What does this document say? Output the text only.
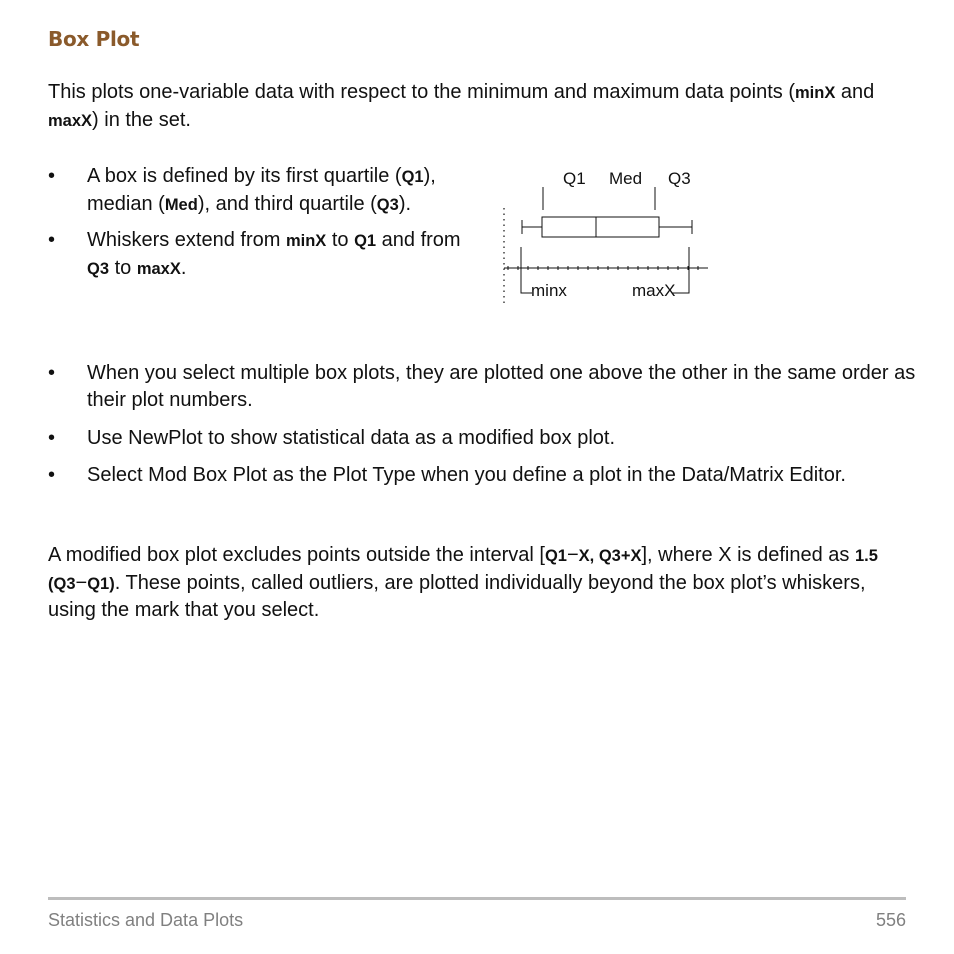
Box Plot
This plots one-variable data with respect to the minimum and maximum data points (minX and maxX) in the set.
• A box is defined by its first quartile (Q1), median (Med), and third quartile (Q3).
• Whiskers extend from minX to Q1 and from Q3 to maxX.
Q1 Med Q3
minx	maxX
• When you select multiple box plots, they are plotted one above the other in the same order as their plot numbers.
• Use NewPlot to show statistical data as a modified box plot.
• Select Mod Box Plot as the Plot Type when you define a plot in the Data/Matrix Editor.
A modified box plot excludes points outside the interval [Q1−X, Q3+X], where X is defined as 1.5 (Q3−Q1). These points, called outliers, are plotted individually beyond the box plot’s whiskers, using the mark that you select.
Statistics and Data Plots	556
